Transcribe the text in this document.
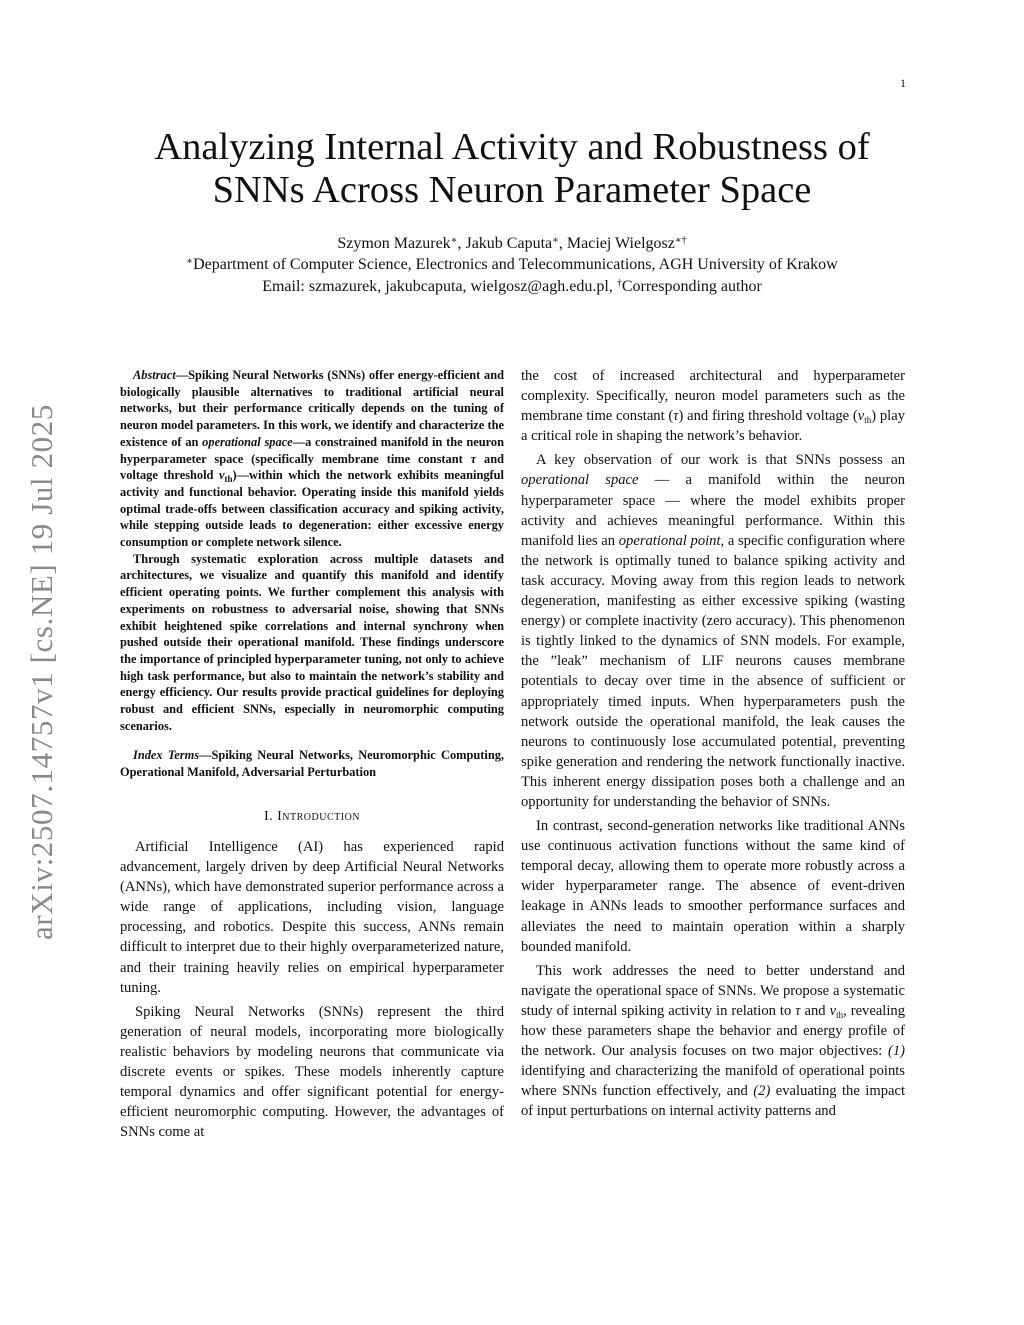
1
arXiv:2507.14757v1 [cs.NE] 19 Jul 2025
Analyzing Internal Activity and Robustness of
SNNs Across Neuron Parameter Space
Szymon Mazurek∗, Jakub Caputa∗, Maciej Wielgosz∗†
∗Department of Computer Science, Electronics and Telecommunications, AGH University of Krakow
Email: szmazurek, jakubcaputa, wielgosz@agh.edu.pl, †Corresponding author

Abstract—Spiking Neural Networks (SNNs) offer energy-efficient and biologically plausible alternatives to traditional artificial neural networks, but their performance critically depends on the tuning of neuron model parameters. In this work, we identify and characterize the existence of an operational space—a constrained manifold in the neuron hyperparameter space (specifically membrane time constant τ and voltage threshold $v_{th})—within$ which the network exhibits meaningful activity and functional behavior. Operating inside this manifold yields optimal trade-offs between classification accuracy and spiking activity, while stepping outside leads to degeneration: either excessive energy consumption or complete network silence.

Through systematic exploration across multiple datasets and architectures, we visualize and quantify this manifold and identify efficient operating points. We further complement this analysis with experiments on robustness to adversarial noise, showing that SNNs exhibit heightened spike correlations and internal synchrony when pushed outside their operational manifold. These findings underscore the importance of principled hyperparameter tuning, not only to achieve high task performance, but also to maintain the network’s stability and energy efficiency. Our results provide practical guidelines for deploying robust and efficient SNNs, especially in neuromorphic computing scenarios.

Index Terms—Spiking Neural Networks, Neuromorphic Computing, Operational Manifold, Adversarial Perturbation

I. Introduction

Artificial Intelligence (AI) has experienced rapid advancement, largely driven by deep Artificial Neural Networks (ANNs), which have demonstrated superior performance across a wide range of applications, including vision, language processing, and robotics. Despite this success, ANNs remain difficult to interpret due to their highly overparameterized nature, and their training heavily relies on empirical hyperparameter tuning.

Spiking Neural Networks (SNNs) represent the third generation of neural models, incorporating more biologically realistic behaviors by modeling neurons that communicate via discrete events or spikes. These models inherently capture temporal dynamics and offer significant potential for energy-efficient neuromorphic computing. However, the advantages of SNNs come at

the cost of increased architectural and hyperparameter complexity. Specifically, neuron model parameters such as the membrane time constant (τ) and firing threshold voltage $(v_{th})$ play a critical role in shaping the network’s behavior.

A key observation of our work is that SNNs possess an operational space — a manifold within the neuron hyperparameter space — where the model exhibits proper activity and achieves meaningful performance. Within this manifold lies an operational point, a specific configuration where the network is optimally tuned to balance spiking activity and task accuracy. Moving away from this region leads to network degeneration, manifesting as either excessive spiking (wasting energy) or complete inactivity (zero accuracy). This phenomenon is tightly linked to the dynamics of SNN models. For example, the ”leak” mechanism of LIF neurons causes membrane potentials to decay over time in the absence of sufficient or appropriately timed inputs. When hyperparameters push the network outside the operational manifold, the leak causes the neurons to continuously lose accumulated potential, preventing spike generation and rendering the network functionally inactive. This inherent energy dissipation poses both a challenge and an opportunity for understanding the behavior of SNNs.

In contrast, second-generation networks like traditional ANNs use continuous activation functions without the same kind of temporal decay, allowing them to operate more robustly across a wider hyperparameter range. The absence of event-driven leakage in ANNs leads to smoother performance surfaces and alleviates the need to maintain operation within a sharply bounded manifold.

This work addresses the need to better understand and navigate the operational space of SNNs. We propose a systematic study of internal spiking activity in relation to τ and $v_{th}$, revealing how these parameters shape the behavior and energy profile of the network. Our analysis focuses on two major objectives: (1) identifying and characterizing the manifold of operational points where SNNs function effectively, and (2) evaluating the impact of input perturbations on internal activity patterns and
